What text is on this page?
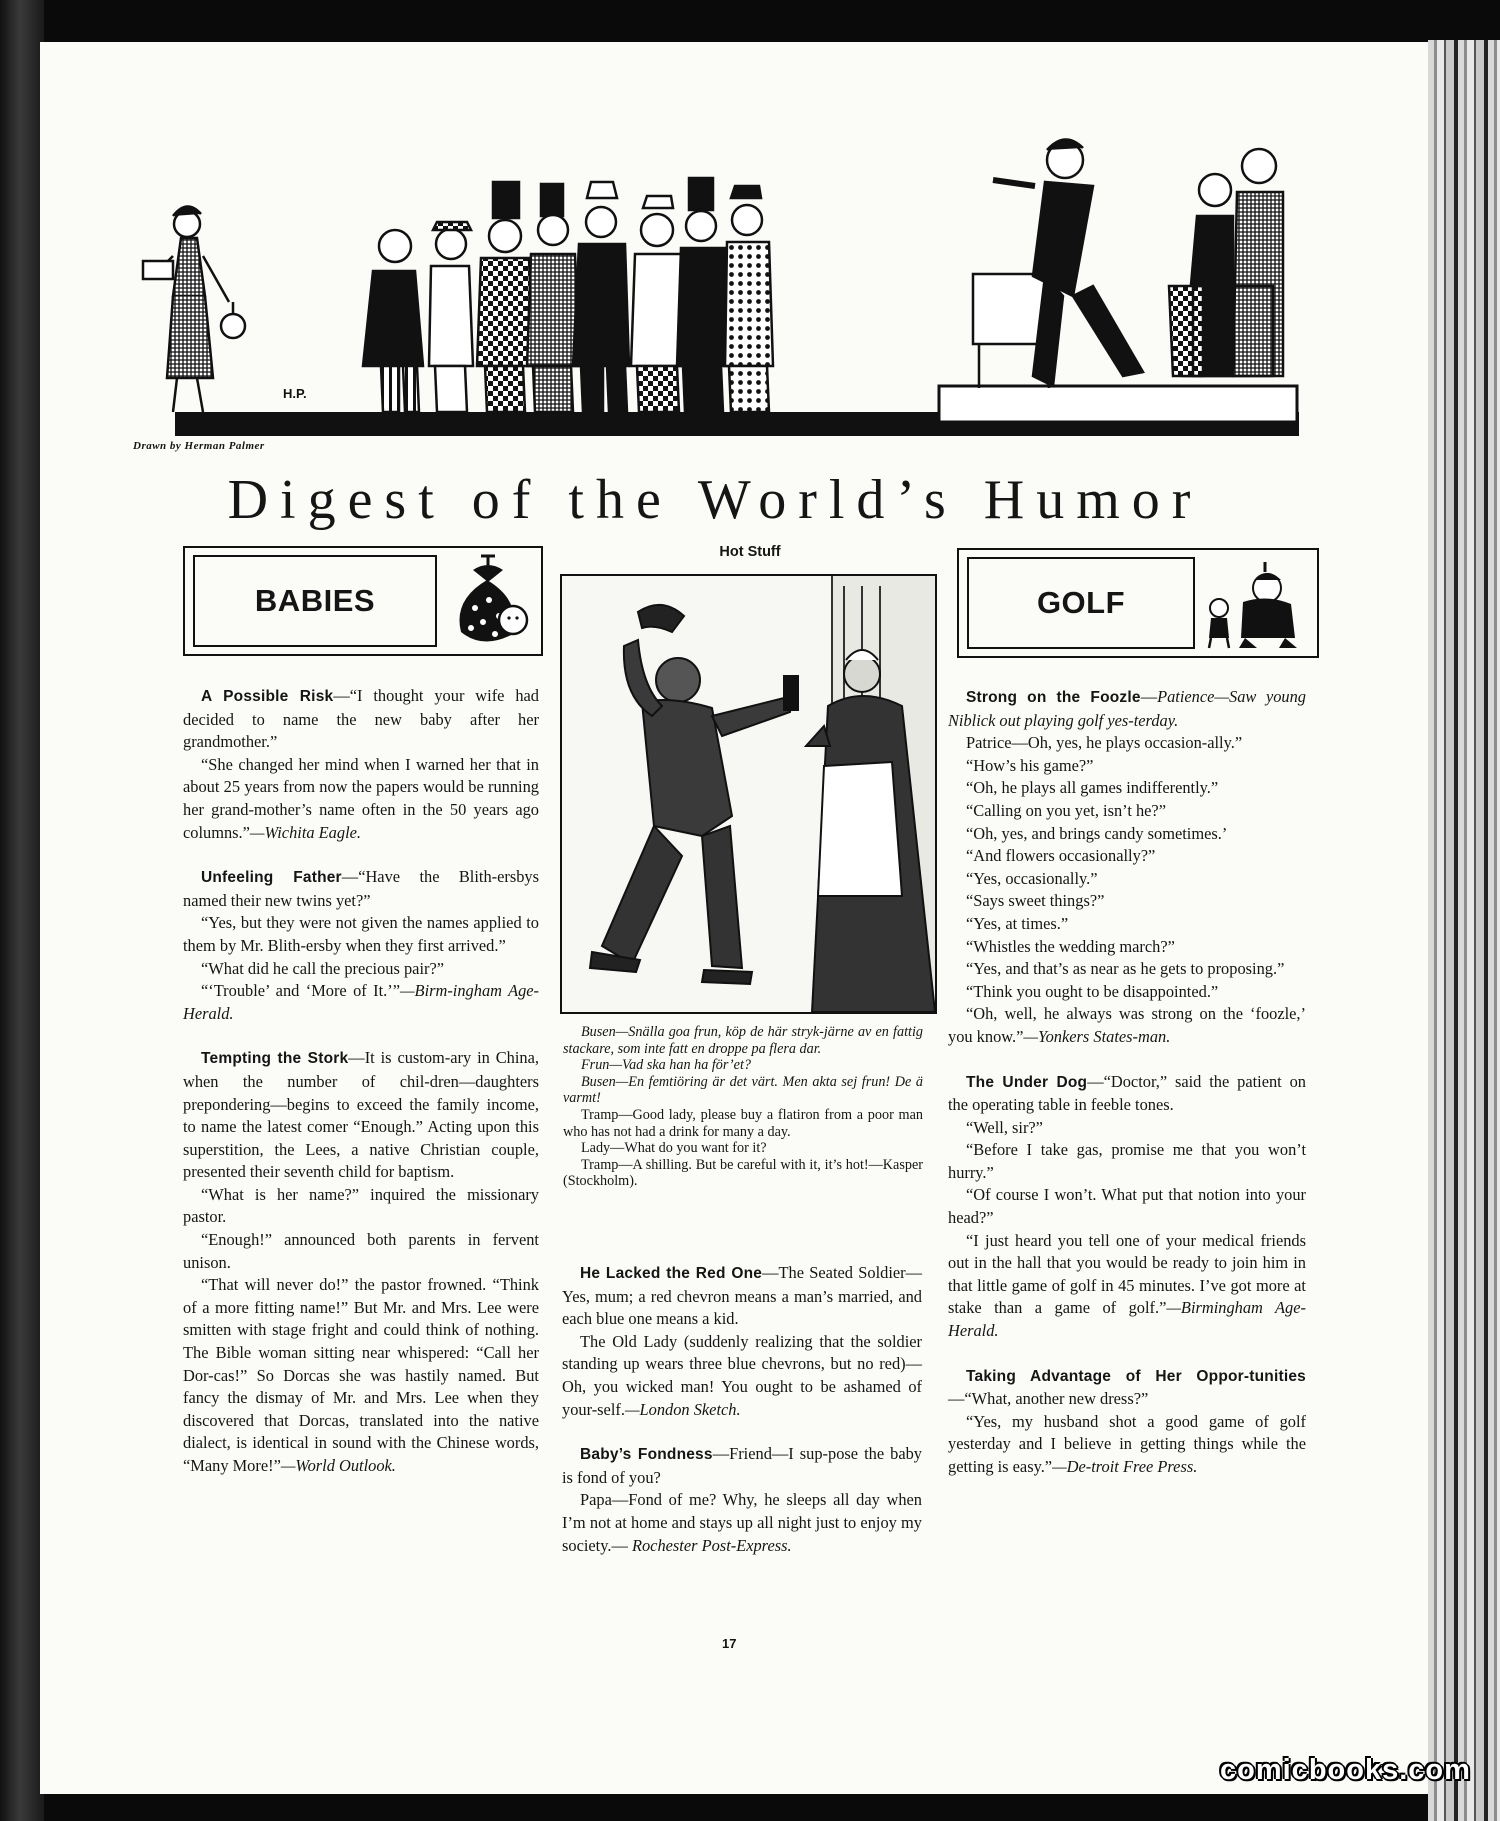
H.P.
Drawn by Herman Palmer
Digest of the World’s Humor
BABIES

A Possible Risk—“I thought your wife had decided to name the new baby after her grandmother.”

“She changed her mind when I warned her that in about 25 years from now the papers would be running her grand-mother’s name often in the 50 years ago columns.”—Wichita Eagle.

Unfeeling Father—“Have the Blith-ersbys named their new twins yet?”

“Yes, but they were not given the names applied to them by Mr. Blith-ersby when they first arrived.”

“What did he call the precious pair?”

“‘Trouble’ and ‘More of It.’”—Birm-ingham Age-Herald.

Tempting the Stork—It is custom-ary in China, when the number of chil-dren—daughters prepondering—begins to exceed the family income, to name the latest comer “Enough.” Acting upon this superstition, the Lees, a native Christian couple, presented their seventh child for baptism.

“What is her name?” inquired the missionary pastor.

“Enough!” announced both parents in fervent unison.

“That will never do!” the pastor frowned. “Think of a more fitting name!” But Mr. and Mrs. Lee were smitten with stage fright and could think of nothing. The Bible woman sitting near whispered: “Call her Dor-cas!” So Dorcas she was hastily named. But fancy the dismay of Mr. and Mrs. Lee when they discovered that Dorcas, translated into the native dialect, is identical in sound with the Chinese words, “Many More!”—World Outlook.

Hot Stuff
Fr. Lindt

Busen—Snälla goa frun, köp de här stryk-järne av en fattig stackare, som inte fatt en droppe pa flera dar.

Frun—Vad ska han ha för’et?

Busen—En femtiöring är det värt. Men akta sej frun! De ä varmt!

Tramp—Good lady, please buy a flatiron from a poor man who has not had a drink for many a day.

Lady—What do you want for it?

Tramp—A shilling. But be careful with it, it’s hot!—Kasper (Stockholm).

He Lacked the Red One—The Seated Soldier—Yes, mum; a red chevron means a man’s married, and each blue one means a kid.

The Old Lady (suddenly realizing that the soldier standing up wears three blue chevrons, but no red)—Oh, you wicked man! You ought to be ashamed of your-self.—London Sketch.

Baby’s Fondness—Friend—I sup-pose the baby is fond of you?

Papa—Fond of me? Why, he sleeps all day when I’m not at home and stays up all night just to enjoy my society.— Rochester Post-Express.

GOLF

Strong on the Foozle—Patience—Saw young Niblick out playing golf yes-terday.

Patrice—Oh, yes, he plays occasion-ally.”

“How’s his game?”

“Oh, he plays all games indifferently.”

“Calling on you yet, isn’t he?”

“Oh, yes, and brings candy sometimes.’

“And flowers occasionally?”

“Yes, occasionally.”

“Says sweet things?”

“Yes, at times.”

“Whistles the wedding march?”

“Yes, and that’s as near as he gets to proposing.”

“Think you ought to be disappointed.”

“Oh, well, he always was strong on the ‘foozle,’ you know.”—Yonkers States-man.

The Under Dog—“Doctor,” said the patient on the operating table in feeble tones.

“Well, sir?”

“Before I take gas, promise me that you won’t hurry.”

“Of course I won’t. What put that notion into your head?”

“I just heard you tell one of your medical friends out in the hall that you would be ready to join him in that little game of golf in 45 minutes. I’ve got more at stake than a game of golf.”—Birmingham Age-Herald.

Taking Advantage of Her Oppor-tunities—“What, another new dress?”

“Yes, my husband shot a good game of golf yesterday and I believe in getting things while the getting is easy.”—De-troit Free Press.

17
comicbooks.com
